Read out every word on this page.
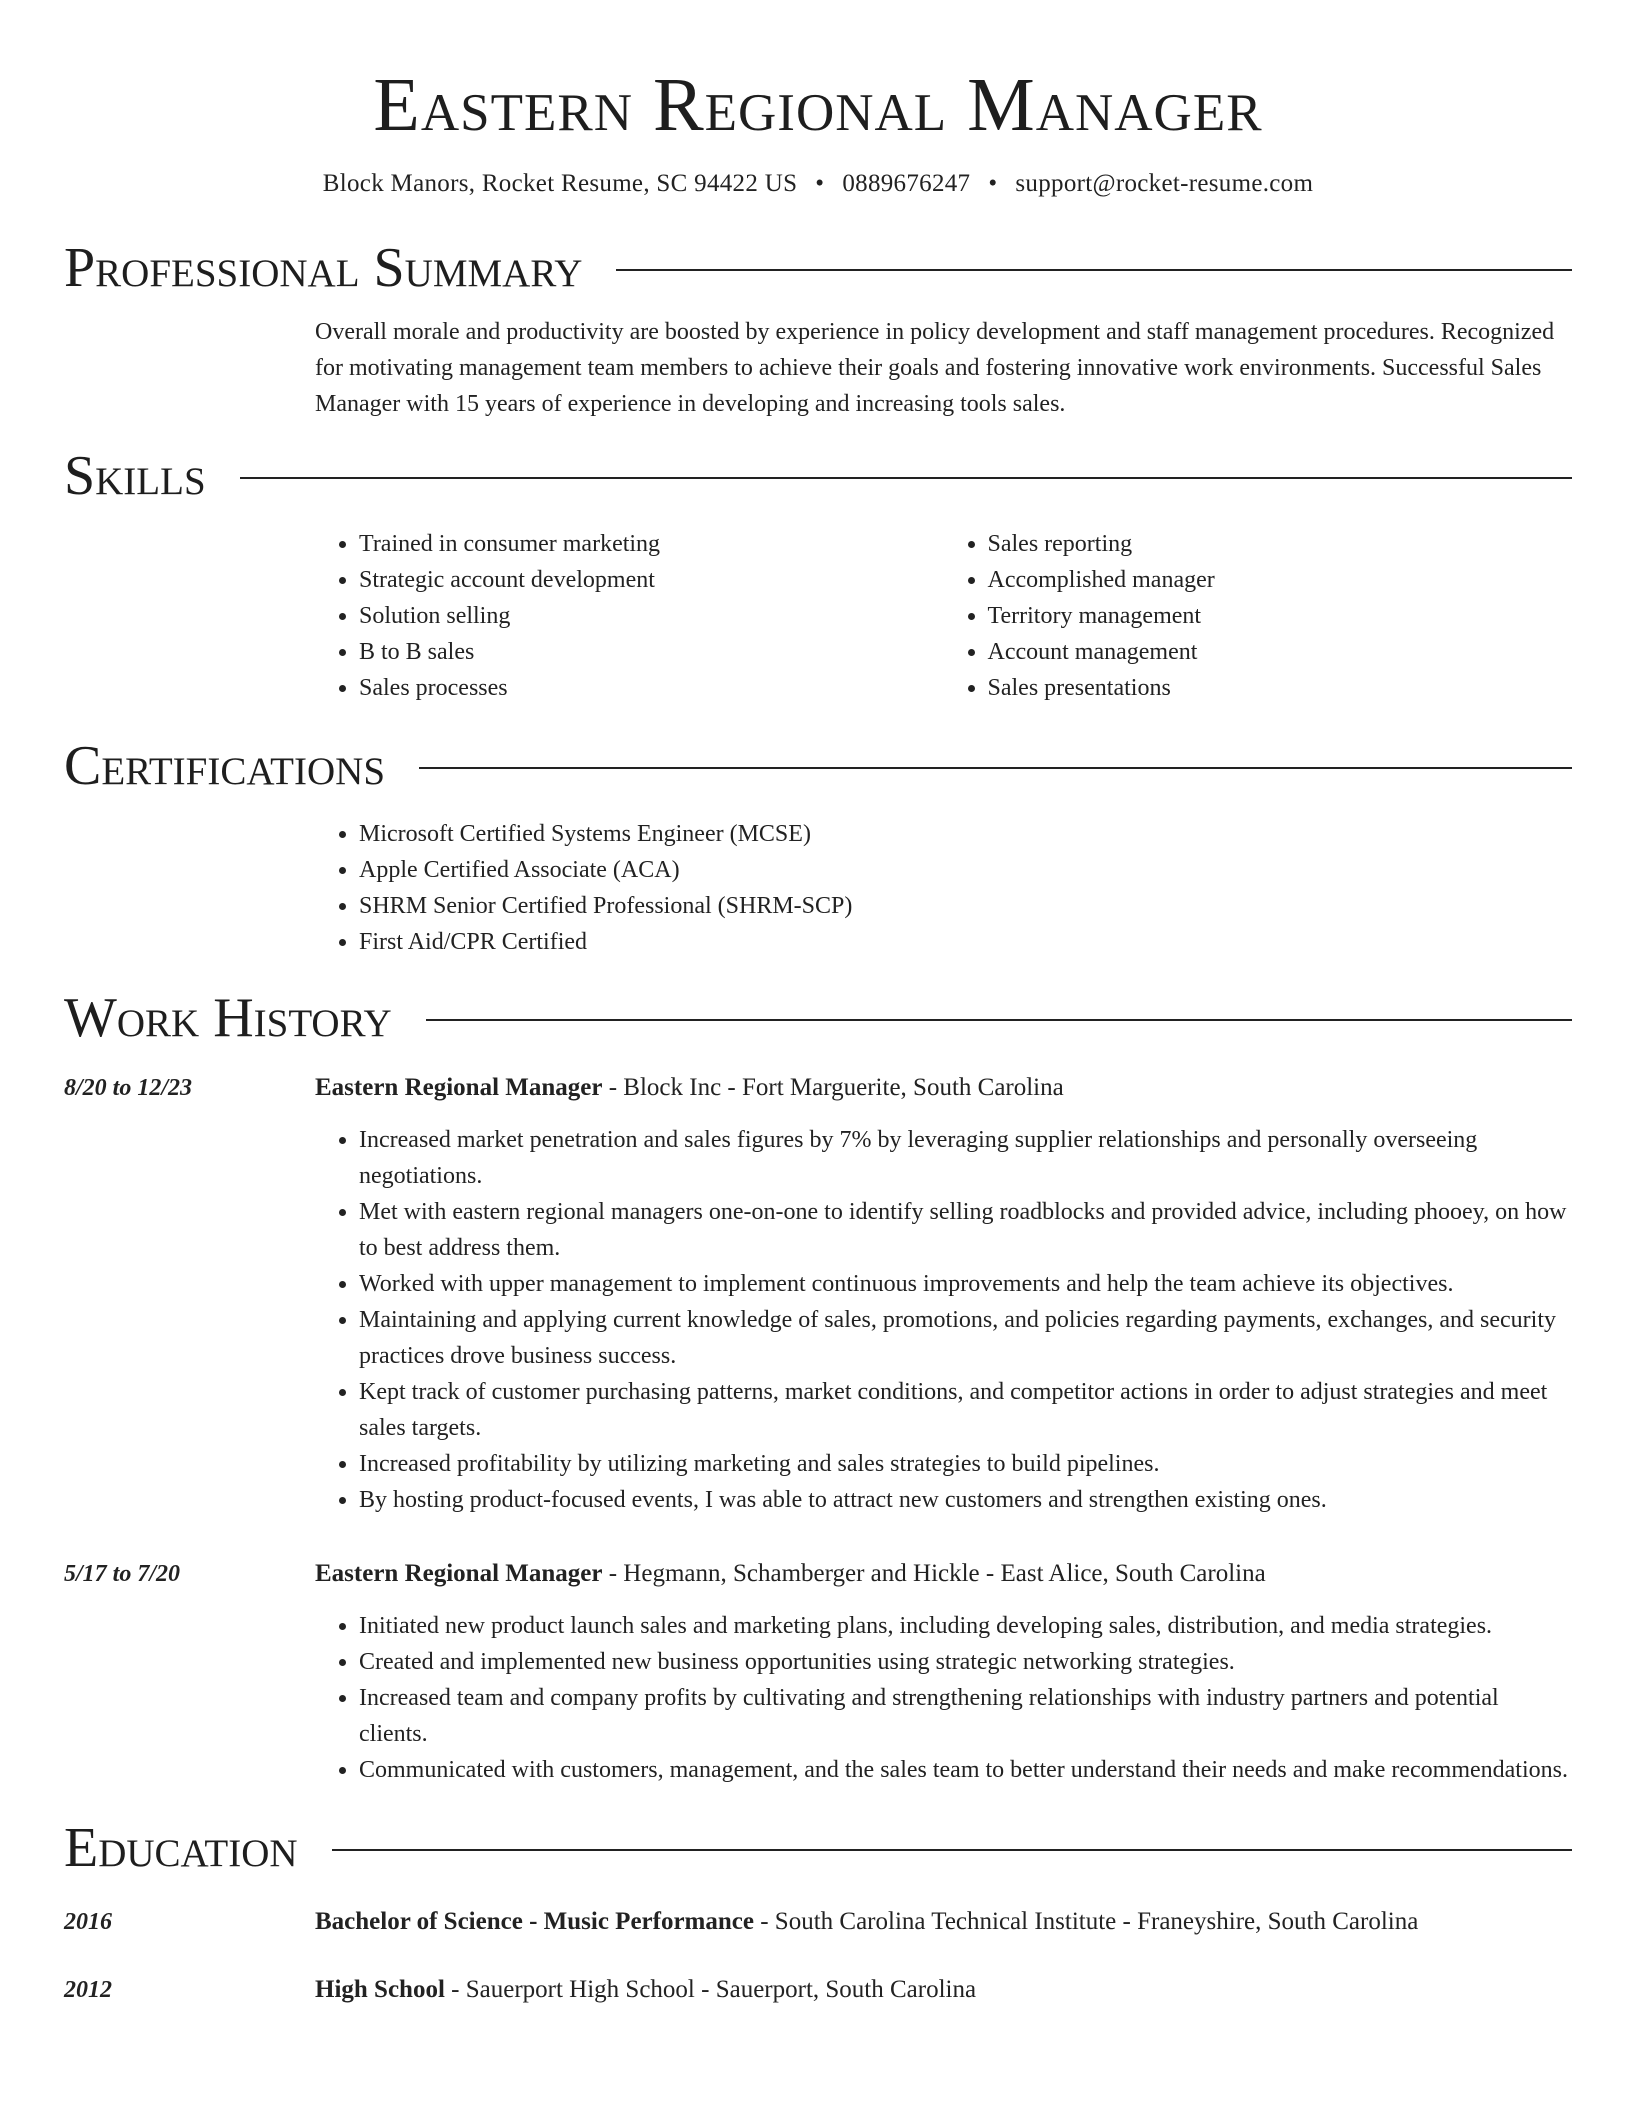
Eastern Regional Manager
Block Manors, Rocket Resume, SC 94422 US • 0889676247 • support@rocket-resume.com
Professional Summary

Overall morale and productivity are boosted by experience in policy development and staff management procedures. Recognized for motivating management team members to achieve their goals and fostering innovative work environments. Successful Sales Manager with 15 years of experience in developing and increasing tools sales.

Skills
• Trained in consumer marketing
• Strategic account development
• Solution selling
• B to B sales
• Sales processes
• Sales reporting
• Accomplished manager
• Territory management
• Account management
• Sales presentations
Certifications
• Microsoft Certified Systems Engineer (MCSE)
• Apple Certified Associate (ACA)
• SHRM Senior Certified Professional (SHRM-SCP)
• First Aid/CPR Certified
Work History
8/20 to 12/23	Eastern Regional Manager - Block Inc - Fort Marguerite, South Carolina
• Increased market penetration and sales figures by 7% by leveraging supplier relationships and personally overseeing negotiations.
• Met with eastern regional managers one-on-one to identify selling roadblocks and provided advice, including phooey, on how to best address them.
• Worked with upper management to implement continuous improvements and help the team achieve its objectives.
• Maintaining and applying current knowledge of sales, promotions, and policies regarding payments, exchanges, and security practices drove business success.
• Kept track of customer purchasing patterns, market conditions, and competitor actions in order to adjust strategies and meet sales targets.
• Increased profitability by utilizing marketing and sales strategies to build pipelines.
• By hosting product-focused events, I was able to attract new customers and strengthen existing ones.
5/17 to 7/20	Eastern Regional Manager - Hegmann, Schamberger and Hickle - East Alice, South Carolina
• Initiated new product launch sales and marketing plans, including developing sales, distribution, and media strategies.
• Created and implemented new business opportunities using strategic networking strategies.
• Increased team and company profits by cultivating and strengthening relationships with industry partners and potential clients.
• Communicated with customers, management, and the sales team to better understand their needs and make recommendations.
Education
2016	Bachelor of Science - Music Performance - South Carolina Technical Institute - Franeyshire, South Carolina
2012	High School - Sauerport High School - Sauerport, South Carolina
